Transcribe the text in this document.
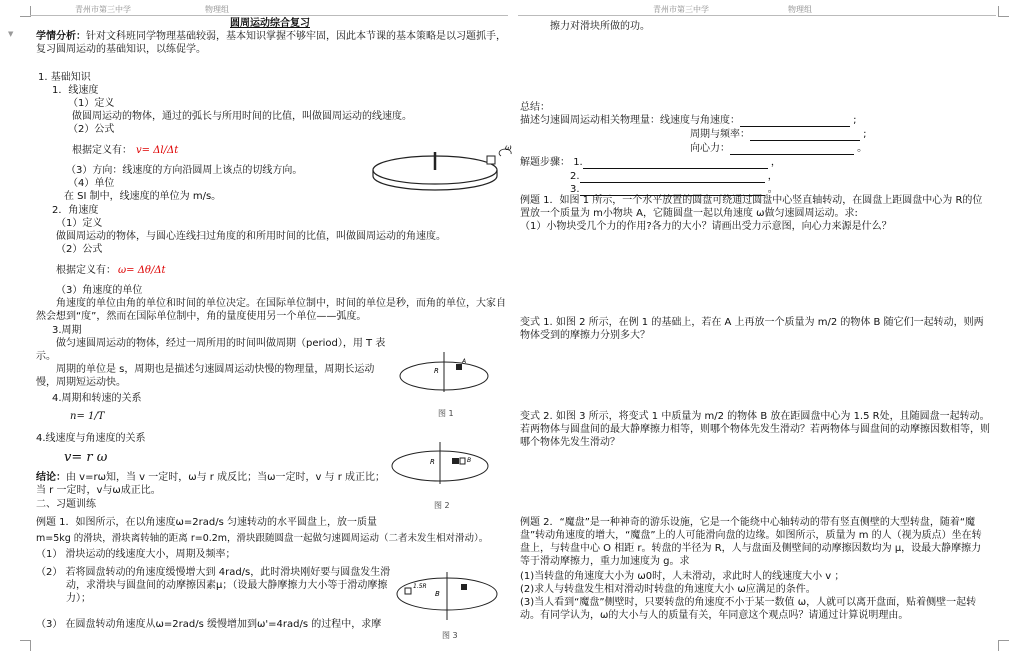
▼
青州市第三中学	物理组
圆周运动综合复习
学情分析：针对文科班同学物理基础较弱，基本知识掌握不够牢固，因此本节课的基本策略是以习题抓手，复习圆周运动的基础知识，以练促学。
1. 基础知识
1．线速度
（1）定义
做圆周运动的物体，通过的弧长与所用时间的比值，叫做圆周运动的线速度。
（2）公式
根据定义有： v= Δl/Δt
（3）方向：线速度的方向沿圆周上该点的切线方向。
（4）单位
在 SI 制中，线速度的单位为 m/s。
2．角速度
（1）定义
做圆周运动的物体，与圆心连线扫过角度的和所用时间的比值，叫做圆周运动的角速度。
（2）公式
根据定义有： ω= Δθ/Δt
（3）角速度的单位
角速度的单位由角的单位和时间的单位决定。在国际单位制中，时间的单位是秒，而角的单位，大家自然会想到“度”，然而在国际单位制中，角的量度使用另一个单位——弧度。
3.周期
做匀速圆周运动的物体，经过一周所用的时间叫做周期（period），用 T 表示。
周期的单位是 s，周期也是描述匀速圆周运动快慢的物理量，周期长运动慢，周期短运动快。
4.周期和转速的关系
n= 1/T
4.线速度与角速度的关系
v= r ω
结论：由 v=rω知，当 v 一定时，ω与 r 成反比；当ω一定时，v 与 r 成正比；当 r 一定时，v与ω成正比。
二、习题训练
例题 1．如图所示，在以角速度ω=2rad/s 匀速转动的水平圆盘上，放一质量
m=5kg 的滑块，滑块离转轴的距离 r=0.2m，滑块跟随圆盘一起做匀速圆周运动（二者未发生相对滑动）。
（1） 滑块运动的线速度大小，周期及频率；
（2） 若将圆盘转动的角速度缓慢增大到 4rad/s，此时滑块刚好要与圆盘发生滑动，求滑块与圆盘间的动摩擦因素μ；（设最大静摩擦力大小等于滑动摩擦力）；
（3） 在圆盘转动角速度从ω=2rad/s 缓慢增加到ω'=4rad/s 的过程中，求摩
ω
R
A
图 1
R	B
图 2
1.5R
B
图 3
青州市第三中学	物理组
擦力对滑块所做的功。
总结：
描述匀速圆周运动相关物理量：线速度与角速度：	;
周期与频率：	;
向心力：	。
解题步骤： 1.	，
2.	，
3.	。
例题 1．如图 1 所示，一个水平放置的圆盘可绕通过圆盘中心竖直轴转动，在圆盘上距圆盘中心为 R的位置放一个质量为 m小物块 A，它随圆盘一起以角速度 ω做匀速圆周运动。求:
（1）小物块受几个力的作用?各力的大小？请画出受力示意图，向心力来源是什么？
变式 1. 如图 2 所示，在例 1 的基础上，若在 A 上再放一个质量为 m/2 的物体 B 随它们一起转动，则两物体受到的摩擦力分别多大？
变式 2. 如图 3 所示，将变式 1 中质量为 m/2 的物体 B 放在距圆盘中心为 1.5 R处，且随圆盘一起转动。若两物体与圆盘间的最大静摩擦力相等，则哪个物体先发生滑动？若两物体与圆盘间的动摩擦因数相等，则哪个物体先发生滑动？
例题 2．“魔盘”是一种神奇的游乐设施，它是一个能绕中心轴转动的带有竖直侧壁的大型转盘，随着“魔盘”转动角速度的增大，“魔盘”上的人可能滑向盘的边缘。如图所示，质量为 m 的人（视为质点）坐在转盘上，与转盘中心 O 相距 r。转盘的半径为 R，人与盘面及侧壁间的动摩擦因数均为 μ，设最大静摩擦力等于滑动摩擦力，重力加速度为 g。求
(1)当转盘的角速度大小为 ω0时，人未滑动，求此时人的线速度大小 v ；
(2)求人与转盘发生相对滑动时转盘的角速度大小 ω应满足的条件。
(3)当人看到“魔盘”侧壁时，只要转盘的角速度不小于某一数值 ω，人就可以离开盘面，贴着侧壁一起转动。有同学认为，ω的大小与人的质量有关，年同意这个观点吗？请通过计算说明理由。
